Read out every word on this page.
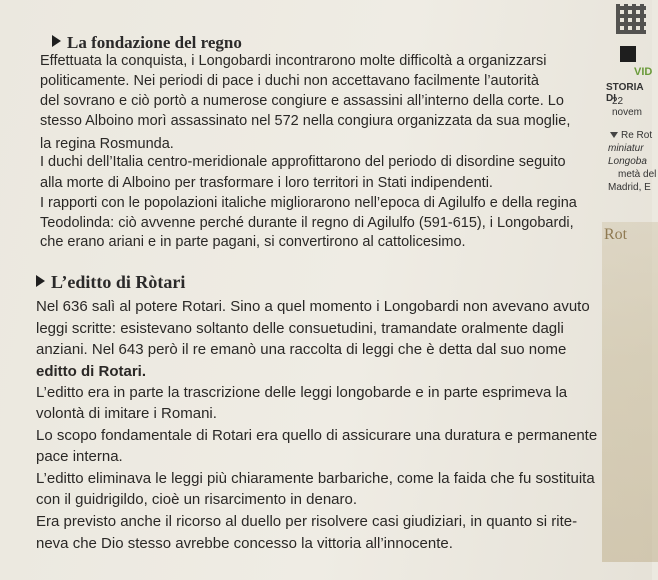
La fondazione del regno
Effettuata la conquista, i Longobardi incontrarono molte difficoltà a organizzarsi
politicamente. Nei periodi di pace i duchi non accettavano facilmente l’autorità
del sovrano e ciò portò a numerose congiure e assassini all’interno della corte. Lo
stesso Alboino morì assassinato nel 572 nella congiura organizzata da sua moglie,
la regina Rosmunda.
I duchi dell’Italia centro-meridionale approfittarono del periodo di disordine seguito
alla morte di Alboino per trasformare i loro territori in Stati indipendenti.
I rapporti con le popolazioni italiche migliorarono nell’epoca di Agilulfo e della regina
Teodolinda: ciò avvenne perché durante il regno di Agilulfo (591-615), i Longobardi,
che erano ariani e in parte pagani, si convertirono al cattolicesimo.
L’editto di Ròtari
Nel 636 salì al potere Rotari. Sino a quel momento i Longobardi non avevano avuto
leggi scritte: esistevano soltanto delle consuetudini, tramandate oralmente dagli
anziani. Nel 643 però il re emanò una raccolta di leggi che è detta dal suo nome
editto di Rotari.
L’editto era in parte la trascrizione delle leggi longobarde e in parte esprimeva la
volontà di imitare i Romani.
Lo scopo fondamentale di Rotari era quello di assicurare una duratura e permanente
pace interna.
L’editto eliminava le leggi più chiaramente barbariche, come la faida che fu sostituita
con il guidrigildo, cioè un risarcimento in denaro.
Era previsto anche il ricorso al duello per risolvere casi giudiziari, in quanto si rite-
neva che Dio stesso avrebbe concesso la vittoria all’innocente.
VID
STORIA DI
22 novem
Re Rot
miniatur
Longoba
metà del
Madrid, E
Rot
